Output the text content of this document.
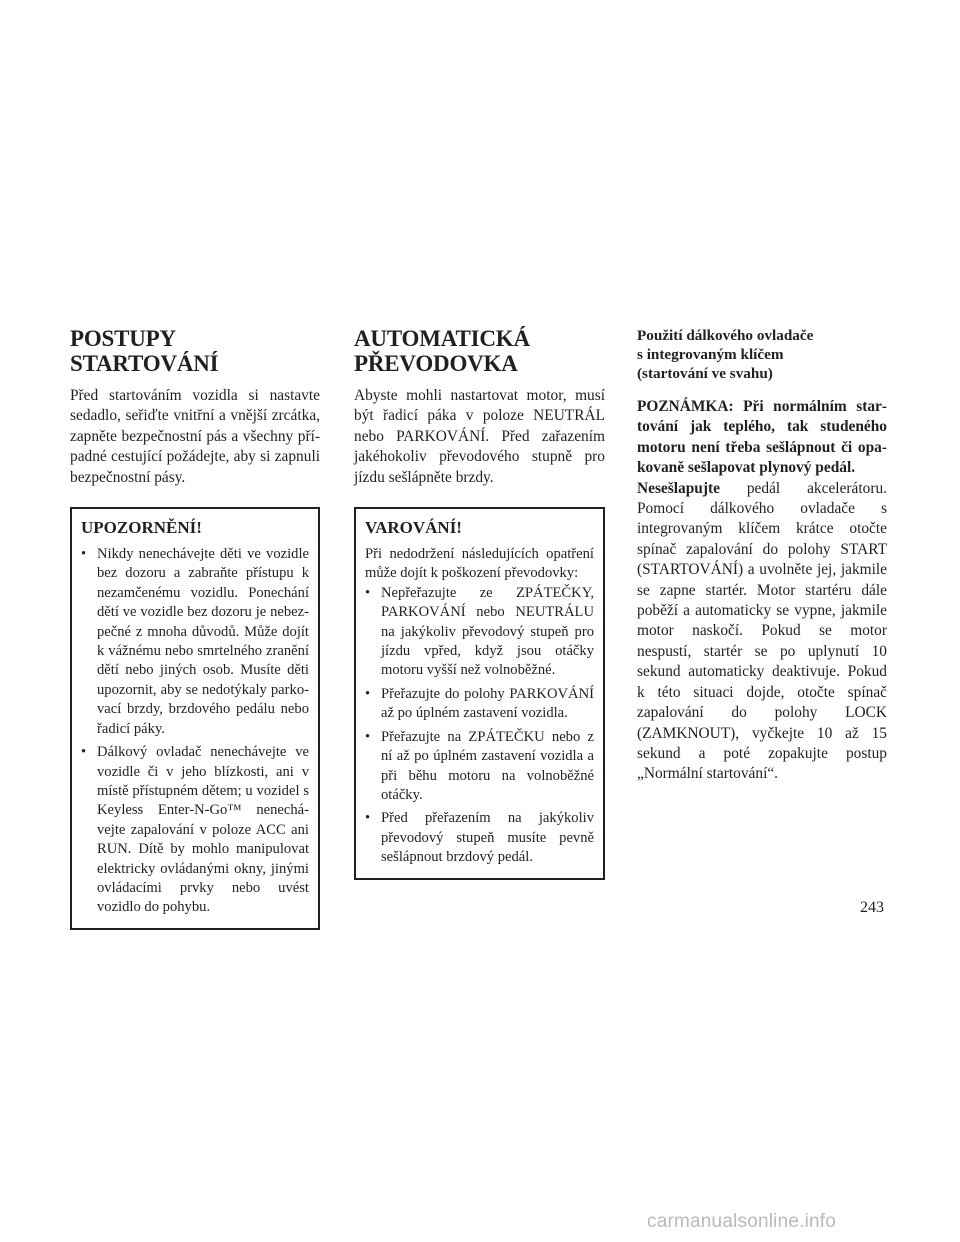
POSTUPY STARTOVÁNÍ

Před startováním vozidla si nastavte sedadlo, seřiďte vnitřní a vnější zrcátka, zapněte bezpečnostní pás a všechny případné cestující požádejte, aby si zapnuli bezpečnostní pásy.

UPOZORNĚNÍ!
• Nikdy nenechávejte děti ve vozidle bez dozoru a zabraňte přístupu k nezamčenému vozidlu. Ponechání dětí ve vozidle bez dozoru je nebezpečné z mnoha důvodů. Může dojít k vážnému nebo smrtelného zranění dětí nebo jiných osob. Musíte děti upozornit, aby se nedotýkaly parkovací brzdy, brzdového pedálu nebo řadicí páky.
• Dálkový ovladač nenechávejte ve vozidle či v jeho blízkosti, ani v místě přístupném dětem; u vozidel s Keyless Enter-N-Go™ nenechávejte zapalování v poloze ACC ani RUN. Dítě by mohlo manipulovat elektricky ovládanými okny, jinými ovládacími prvky nebo uvést vozidlo do pohybu.
AUTOMATICKÁ
PŘEVODOVKA

Abyste mohli nastartovat motor, musí být řadicí páka v poloze NEUTRÁL nebo PARKOVÁNÍ. Před zařazením jakéhokoliv převodového stupně pro jízdu sešlápněte brzdy.

VAROVÁNÍ!

Při nedodržení následujících opatření může dojít k poškození převodovky:

• Nepřeřazujte ze ZPÁTEČKY, PARKOVÁNÍ nebo NEUTRÁLU na jakýkoliv převodový stupeň pro jízdu vpřed, když jsou otáčky motoru vyšší než volnoběžné.
• Přeřazujte do polohy PARKOVÁNÍ až po úplném zastavení vozidla.
• Přeřazujte na ZPÁTEČKU nebo z ní až po úplném zastavení vozidla a při běhu motoru na volnoběžné otáčky.
• Před přeřazením na jakýkoliv převodový stupeň musíte pevně sešlápnout brzdový pedál.
Použití dálkového ovladače
s integrovaným klíčem
(startování ve svahu)

POZNÁMKA: Při normálním startování jak teplého, tak studeného motoru není třeba sešlápnout či opakovaně sešlapovat plynový pedál.

Nesešlapujte pedál akcelerátoru. Pomocí dálkového ovladače s integrovaným klíčem krátce otočte spínač zapalování do polohy START (STARTOVÁNÍ) a uvolněte jej, jakmile se zapne startér. Motor startéru dále poběží a automaticky se vypne, jakmile motor naskočí. Pokud se motor nespustí, startér se po uplynutí 10 sekund automaticky deaktivuje. Pokud k této situaci dojde, otočte spínač zapalování do polohy LOCK (ZAMKNOUT), vyčkejte 10 až 15 sekund a poté zopakujte postup „Normální startování“.

243
carmanualsonline.info
